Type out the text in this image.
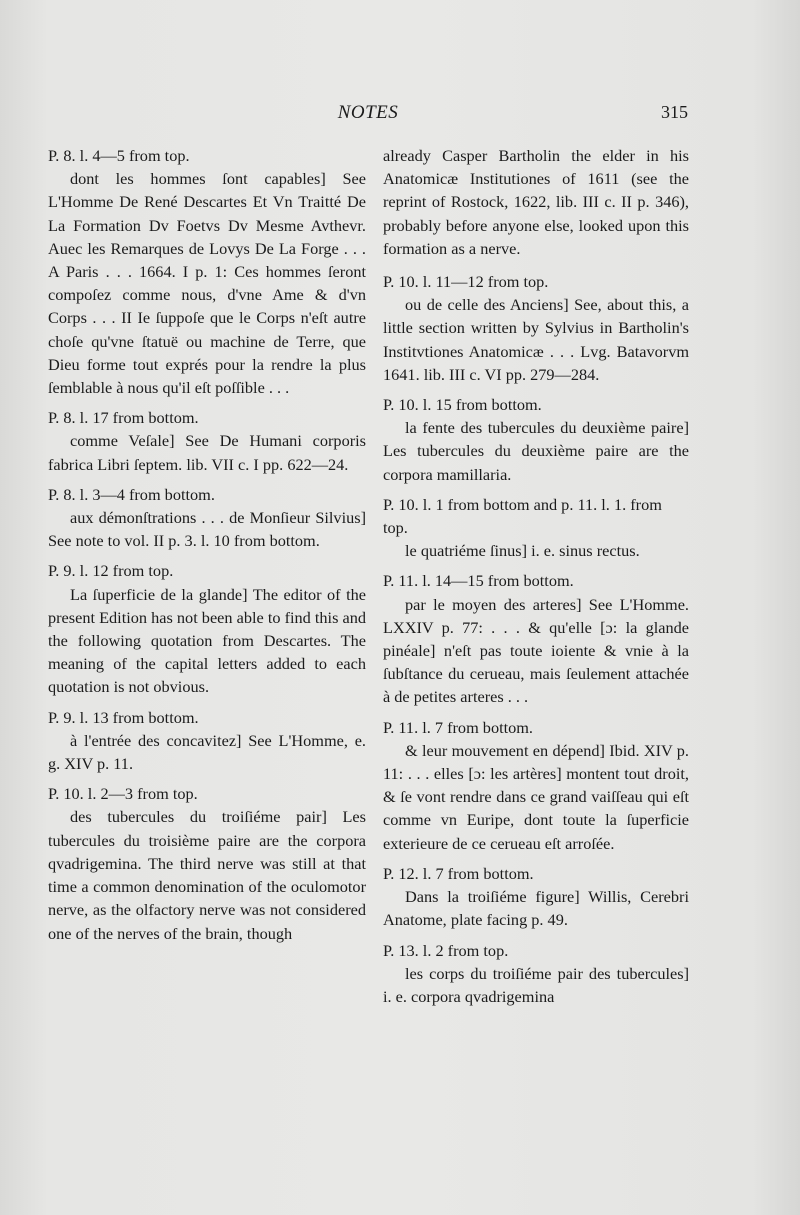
NOTES	315

P. 8. l. 4—5 from top.

dont les hommes ſont capables] See L'Homme De René Descartes Et Vn Traitté De La Formation Dv Foetvs Dv Mesme Avthevr. Auec les Remarques de Lovys De La Forge . . . A Paris . . . 1664. I p. 1: Ces hommes ſeront compoſez comme nous, d'vne Ame & d'vn Corps . . . II Ie ſuppoſe que le Corps n'eſt autre choſe qu'vne ſtatuë ou machine de Terre, que Dieu forme tout exprés pour la rendre la plus ſemblable à nous qu'il eſt poſſible . . .

P. 8. l. 17 from bottom.

comme Veſale] See De Humani corporis fabrica Libri ſeptem. lib. VII c. I pp. 622—24.

P. 8. l. 3—4 from bottom.

aux démonſtrations . . . de Monſieur Silvius] See note to vol. II p. 3. l. 10 from bottom.

P. 9. l. 12 from top.

La ſuperficie de la glande] The editor of the present Edition has not been able to find this and the following quotation from Descartes. The meaning of the capital letters added to each quotation is not obvious.

P. 9. l. 13 from bottom.

à l'entrée des concavitez] See L'Homme, e. g. XIV p. 11.

P. 10. l. 2—3 from top.

des tubercules du troiſiéme pair] Les tubercules du troisième paire are the corpora qvadrigemina. The third nerve was still at that time a common denomination of the oculomotor nerve, as the olfactory nerve was not considered one of the nerves of the brain, though

already Casper Bartholin the elder in his Anatomicæ Institutiones of 1611 (see the reprint of Rostock, 1622, lib. III c. II p. 346), probably before anyone else, looked upon this formation as a nerve.

P. 10. l. 11—12 from top.

ou de celle des Anciens] See, about this, a little section written by Sylvius in Bartholin's Institvtiones Anatomicæ . . . Lvg. Batavorvm 1641. lib. III c. VI pp. 279—284.

P. 10. l. 15 from bottom.

la fente des tubercules du deuxième paire] Les tubercules du deuxième paire are the corpora mamillaria.

P. 10. l. 1 from bottom and p. 11. l. 1. from top.

le quatriéme ſinus] i. e. sinus rectus.

P. 11. l. 14—15 from bottom.

par le moyen des arteres] See L'Homme. LXXIV p. 77: . . . & qu'elle [ɔ: la glande pinéale] n'eſt pas toute ioiente & vnie à la ſubſtance du cerueau, mais ſeulement attachée à de petites arteres . . .

P. 11. l. 7 from bottom.

& leur mouvement en dépend] Ibid. XIV p. 11: . . . elles [ɔ: les artères] montent tout droit, & ſe vont rendre dans ce grand vaiſſeau qui eſt comme vn Euripe, dont toute la ſuperficie exterieure de ce cerueau eſt arroſée.

P. 12. l. 7 from bottom.

Dans la troiſiéme figure] Willis, Cerebri Anatome, plate facing p. 49.

P. 13. l. 2 from top.

les corps du troiſiéme pair des tubercules] i. e. corpora qvadrigemina
